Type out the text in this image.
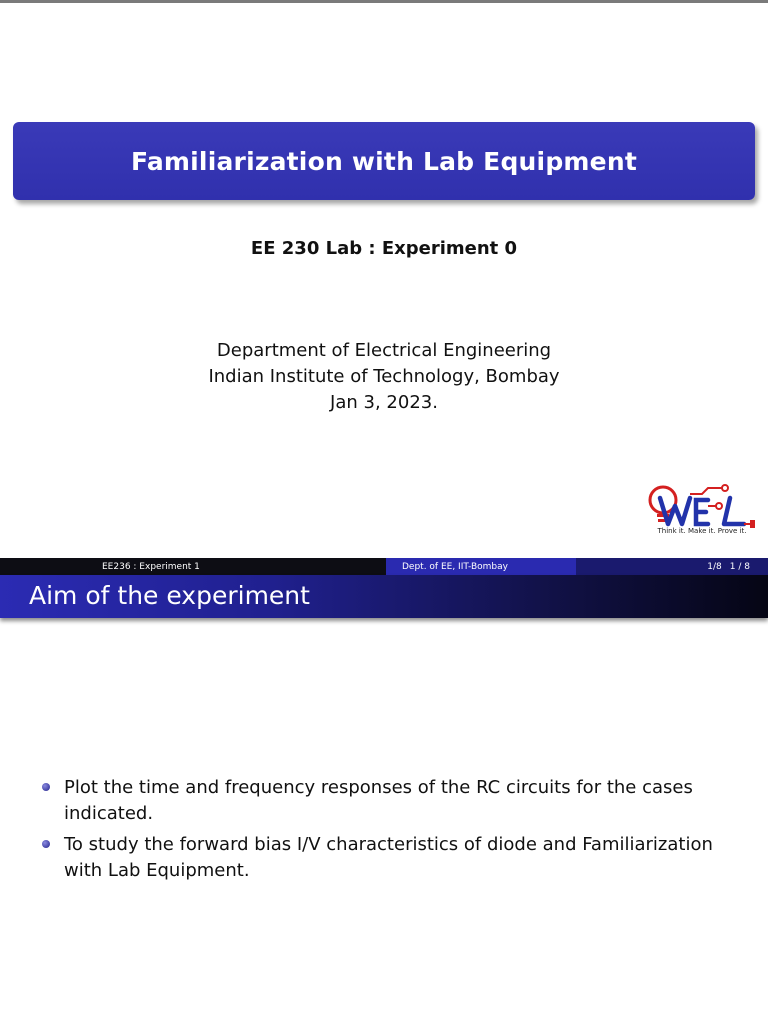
Familiarization with Lab Equipment
EE 230 Lab : Experiment 0
Department of Electrical Engineering
Indian Institute of Technology, Bombay
Jan 3, 2023.
Think it. Make it. Prove it.
EE236 : Experiment 1	Dept. of EE, IIT-Bombay	1/8 1 / 8
Aim of the experiment
Plot the time and frequency responses of the RC circuits for the cases indicated.
To study the forward bias I/V characteristics of diode and Familiarization with Lab Equipment.
